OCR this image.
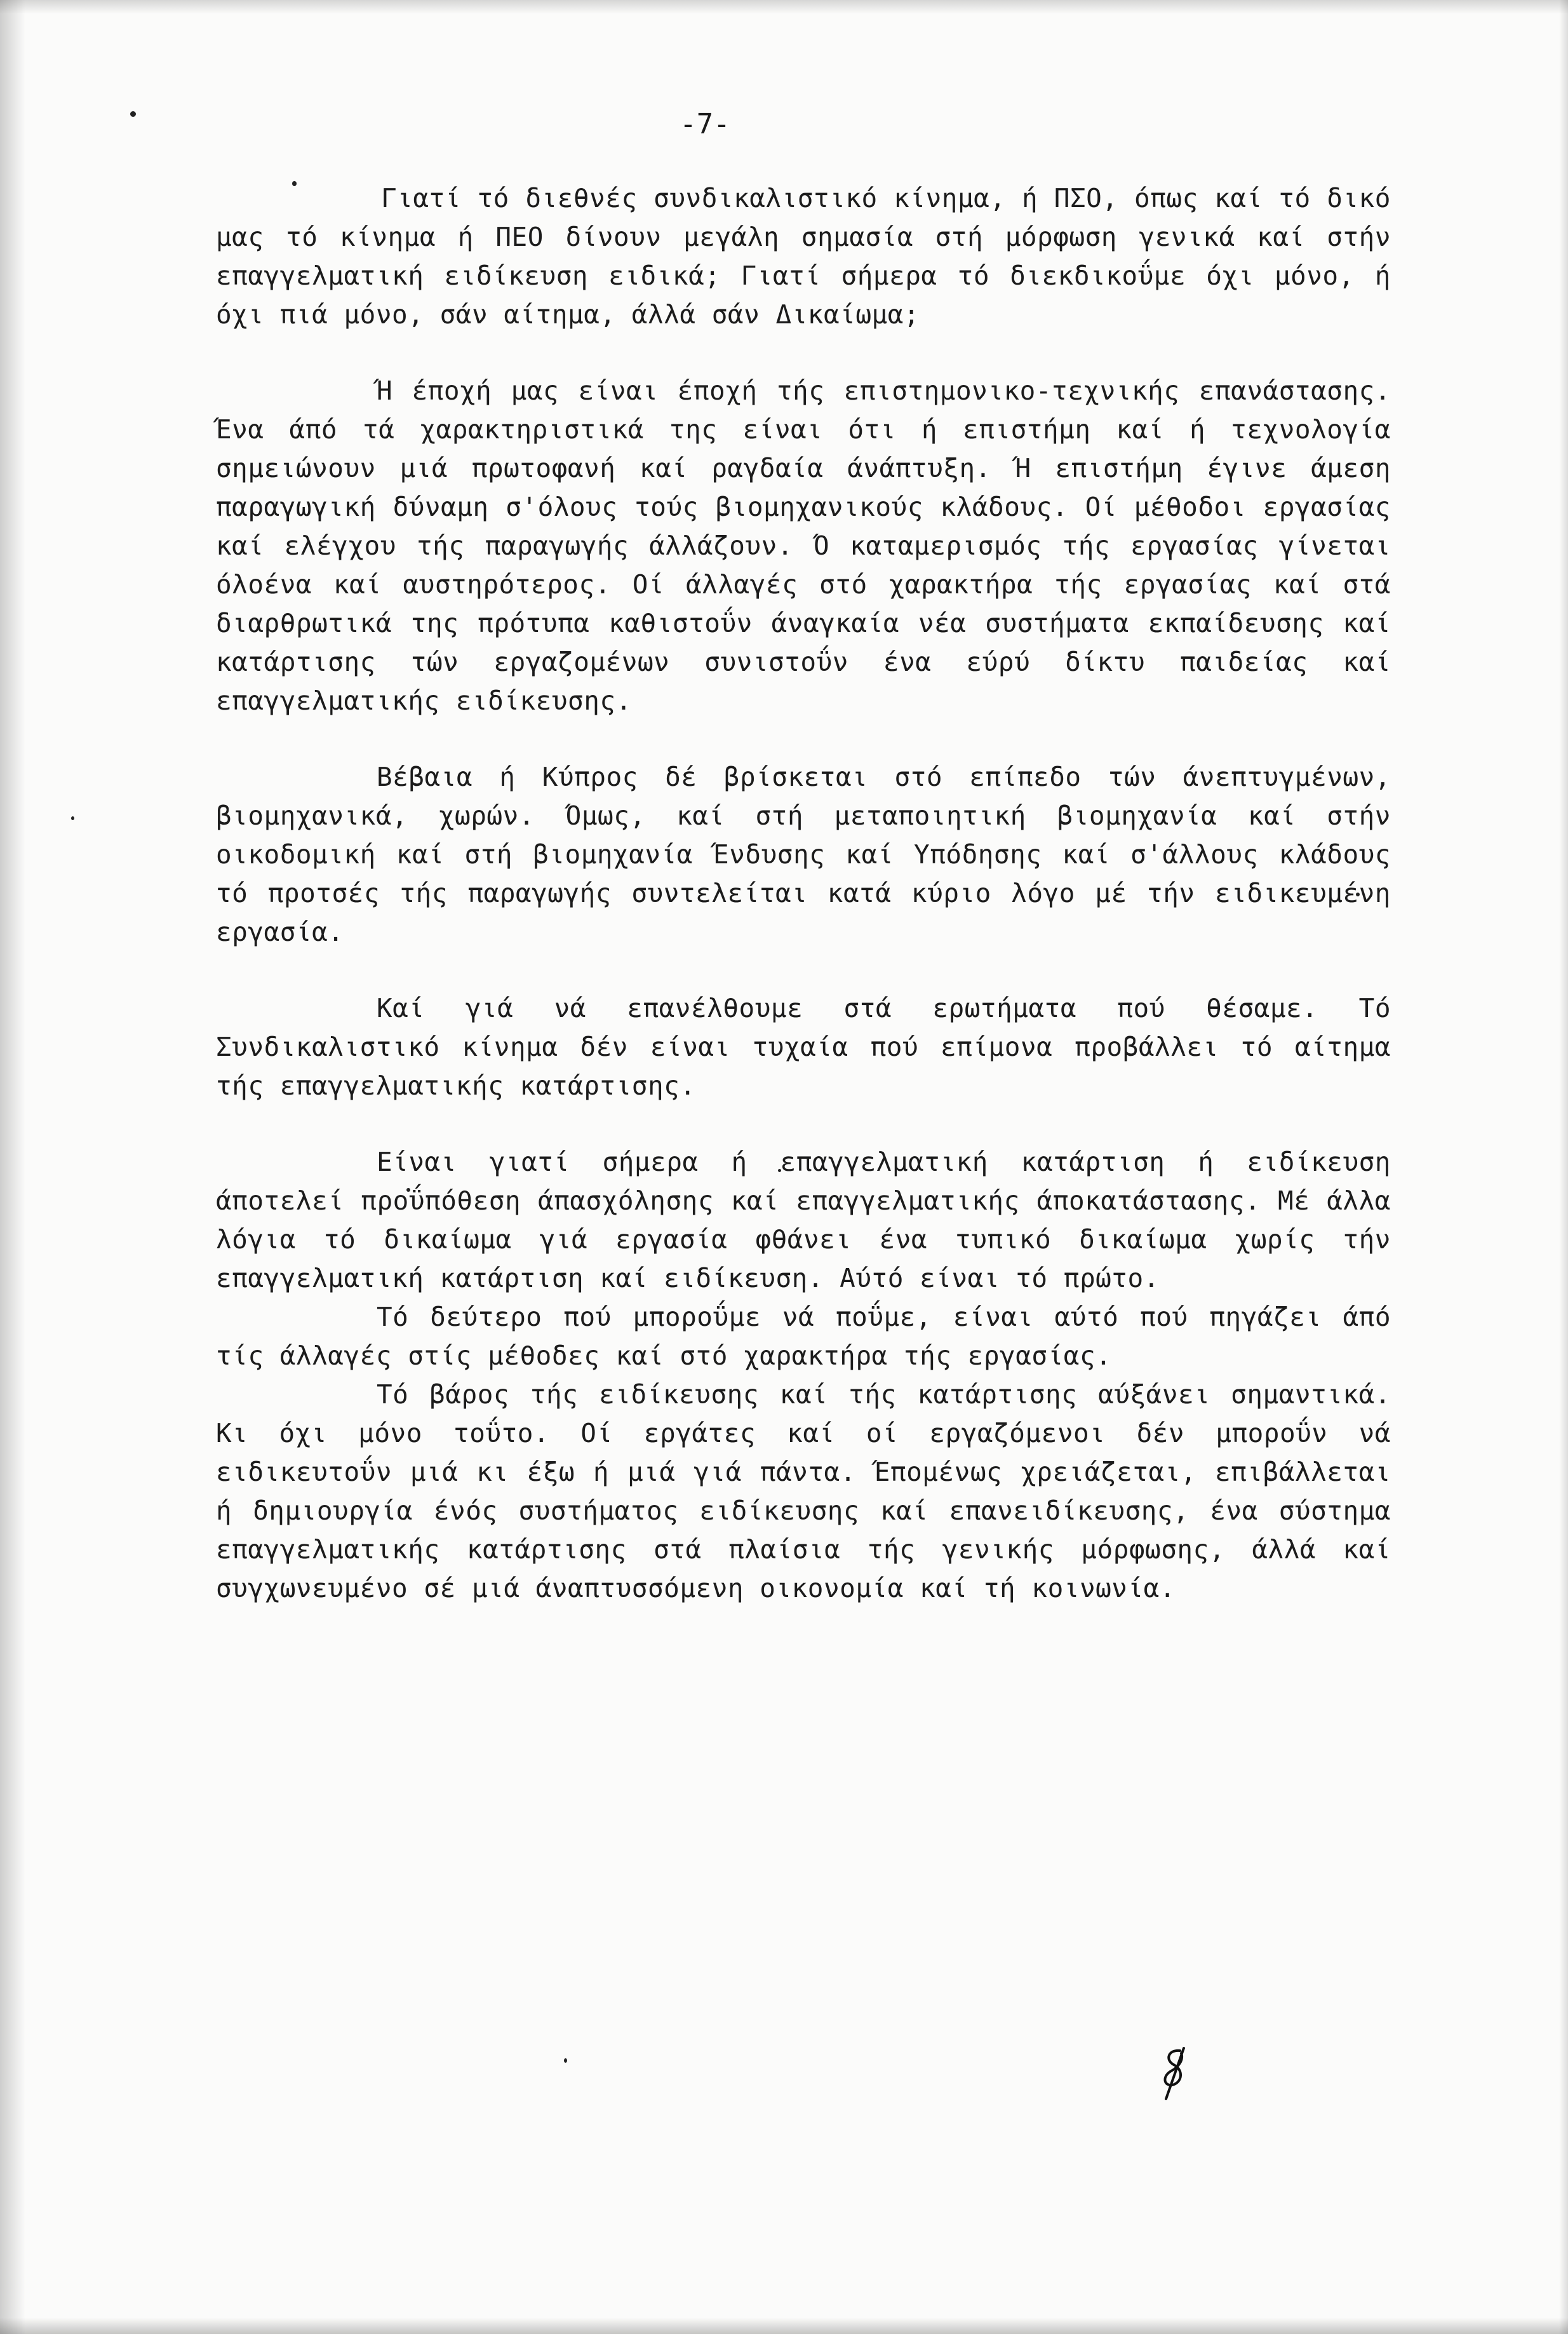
-7-

Γιατί τό διεθνές συνδικαλιστικό κίνημα, ή ΠΣΟ, όπως καί τό δικό μας τό κίνημα ή ΠΕΟ δίνουν μεγάλη σημασία στή μόρφωση γενικά καί στήν επαγγελματική ειδίκευση ειδικά; Γιατί σήμερα τό διεκδικοΰμε όχι μόνο, ή όχι πιά μόνο, σάν αίτημα, άλλά σάν Δικαίωμα;

Ή έποχή μας είναι έποχή τής επιστημονικο-τεχνικής επανάστασης. Ένα άπό τά χαρακτηριστικά της είναι ότι ή επιστήμη καί ή τεχνολογία σημειώνουν μιά πρωτοφανή καί ραγδαία άνάπτυξη. Ή επιστήμη έγινε άμεση παραγωγική δύναμη σ'όλους τούς βιομηχανικούς κλάδους. Οί μέθοδοι εργασίας καί ελέγχου τής παραγωγής άλλάζουν. Ό καταμερισμός τής εργασίας γίνεται όλοένα καί αυστηρότερος. Οί άλλαγές στό χαρακτήρα τής εργασίας καί στά διαρθρωτικά της πρότυπα καθιστοΰν άναγκαία νέα συστήματα εκπαίδευσης καί κατάρτισης τών εργαζομένων συνιστοΰν ένα εύρύ δίκτυ παιδείας καί επαγγελματικής ειδίκευσης.

Βέβαια ή Κύπρος δέ βρίσκεται στό επίπεδο τών άνεπτυγμένων, βιομηχανικά, χωρών. Όμως, καί στή μεταποιητική βιομηχανία καί στήν οικοδομική καί στή βιομηχανία Ένδυσης καί Υπόδησης καί σ'άλλους κλάδους τό προτσές τής παραγωγής συντελείται κατά κύριο λόγο μέ τήν ειδικευμένη εργασία.

Καί γιά νά επανέλθουμε στά ερωτήματα πού θέσαμε. Τό Συνδικαλιστικό κίνημα δέν είναι τυχαία πού επίμονα προβάλλει τό αίτημα τής επαγγελματικής κατάρτισης.

Είναι γιατί σήμερα ή επαγγελματική κατάρτιση ή ειδίκευση άποτελεί προΰπόθεση άπασχόλησης καί επαγγελματικής άποκατάστασης. Μέ άλλα λόγια τό δικαίωμα γιά εργασία φθάνει ένα τυπικό δικαίωμα χωρίς τήν επαγγελματική κατάρτιση καί ειδίκευση. Αύτό είναι τό πρώτο.

Τό δεύτερο πού μποροΰμε νά ποΰμε, είναι αύτό πού πηγάζει άπό τίς άλλαγές στίς μέθοδες καί στό χαρακτήρα τής εργασίας.

Τό βάρος τής ειδίκευσης καί τής κατάρτισης αύξάνει σημαντικά. Κι όχι μόνο τοΰτο. Οί εργάτες καί οί εργαζόμενοι δέν μποροΰν νά ειδικευτοΰν μιά κι έξω ή μιά γιά πάντα. Έπομένως χρειάζεται, επιβάλλεται ή δημιουργία ένός συστήματος ειδίκευσης καί επανειδίκευσης, ένα σύστημα επαγγελματικής κατάρτισης στά πλαίσια τής γενικής μόρφωσης, άλλά καί συγχωνευμένο σέ μιά άναπτυσσόμενη οικονομία καί τή κοινωνία.
